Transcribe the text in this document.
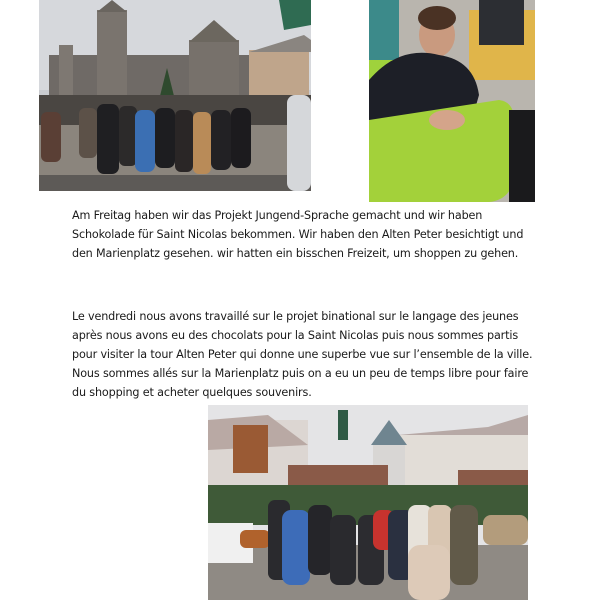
Am Freitag haben wir das Projekt Jungend-Sprache gemacht und wir haben Schokolade für Saint Nicolas bekommen. Wir haben den Alten Peter besichtigt und den Marienplatz gesehen. wir hatten ein bisschen Freizeit, um shoppen zu gehen.

Le vendredi nous avons travaillé sur le projet binational sur le langage des jeunes après nous avons eu des chocolats pour la Saint Nicolas puis nous sommes partis pour visiter la tour Alten Peter qui donne une superbe vue sur l’ensemble de la ville. Nous sommes allés sur la Marienplatz puis on a eu un peu de temps libre pour faire du shopping et acheter quelques souvenirs.
